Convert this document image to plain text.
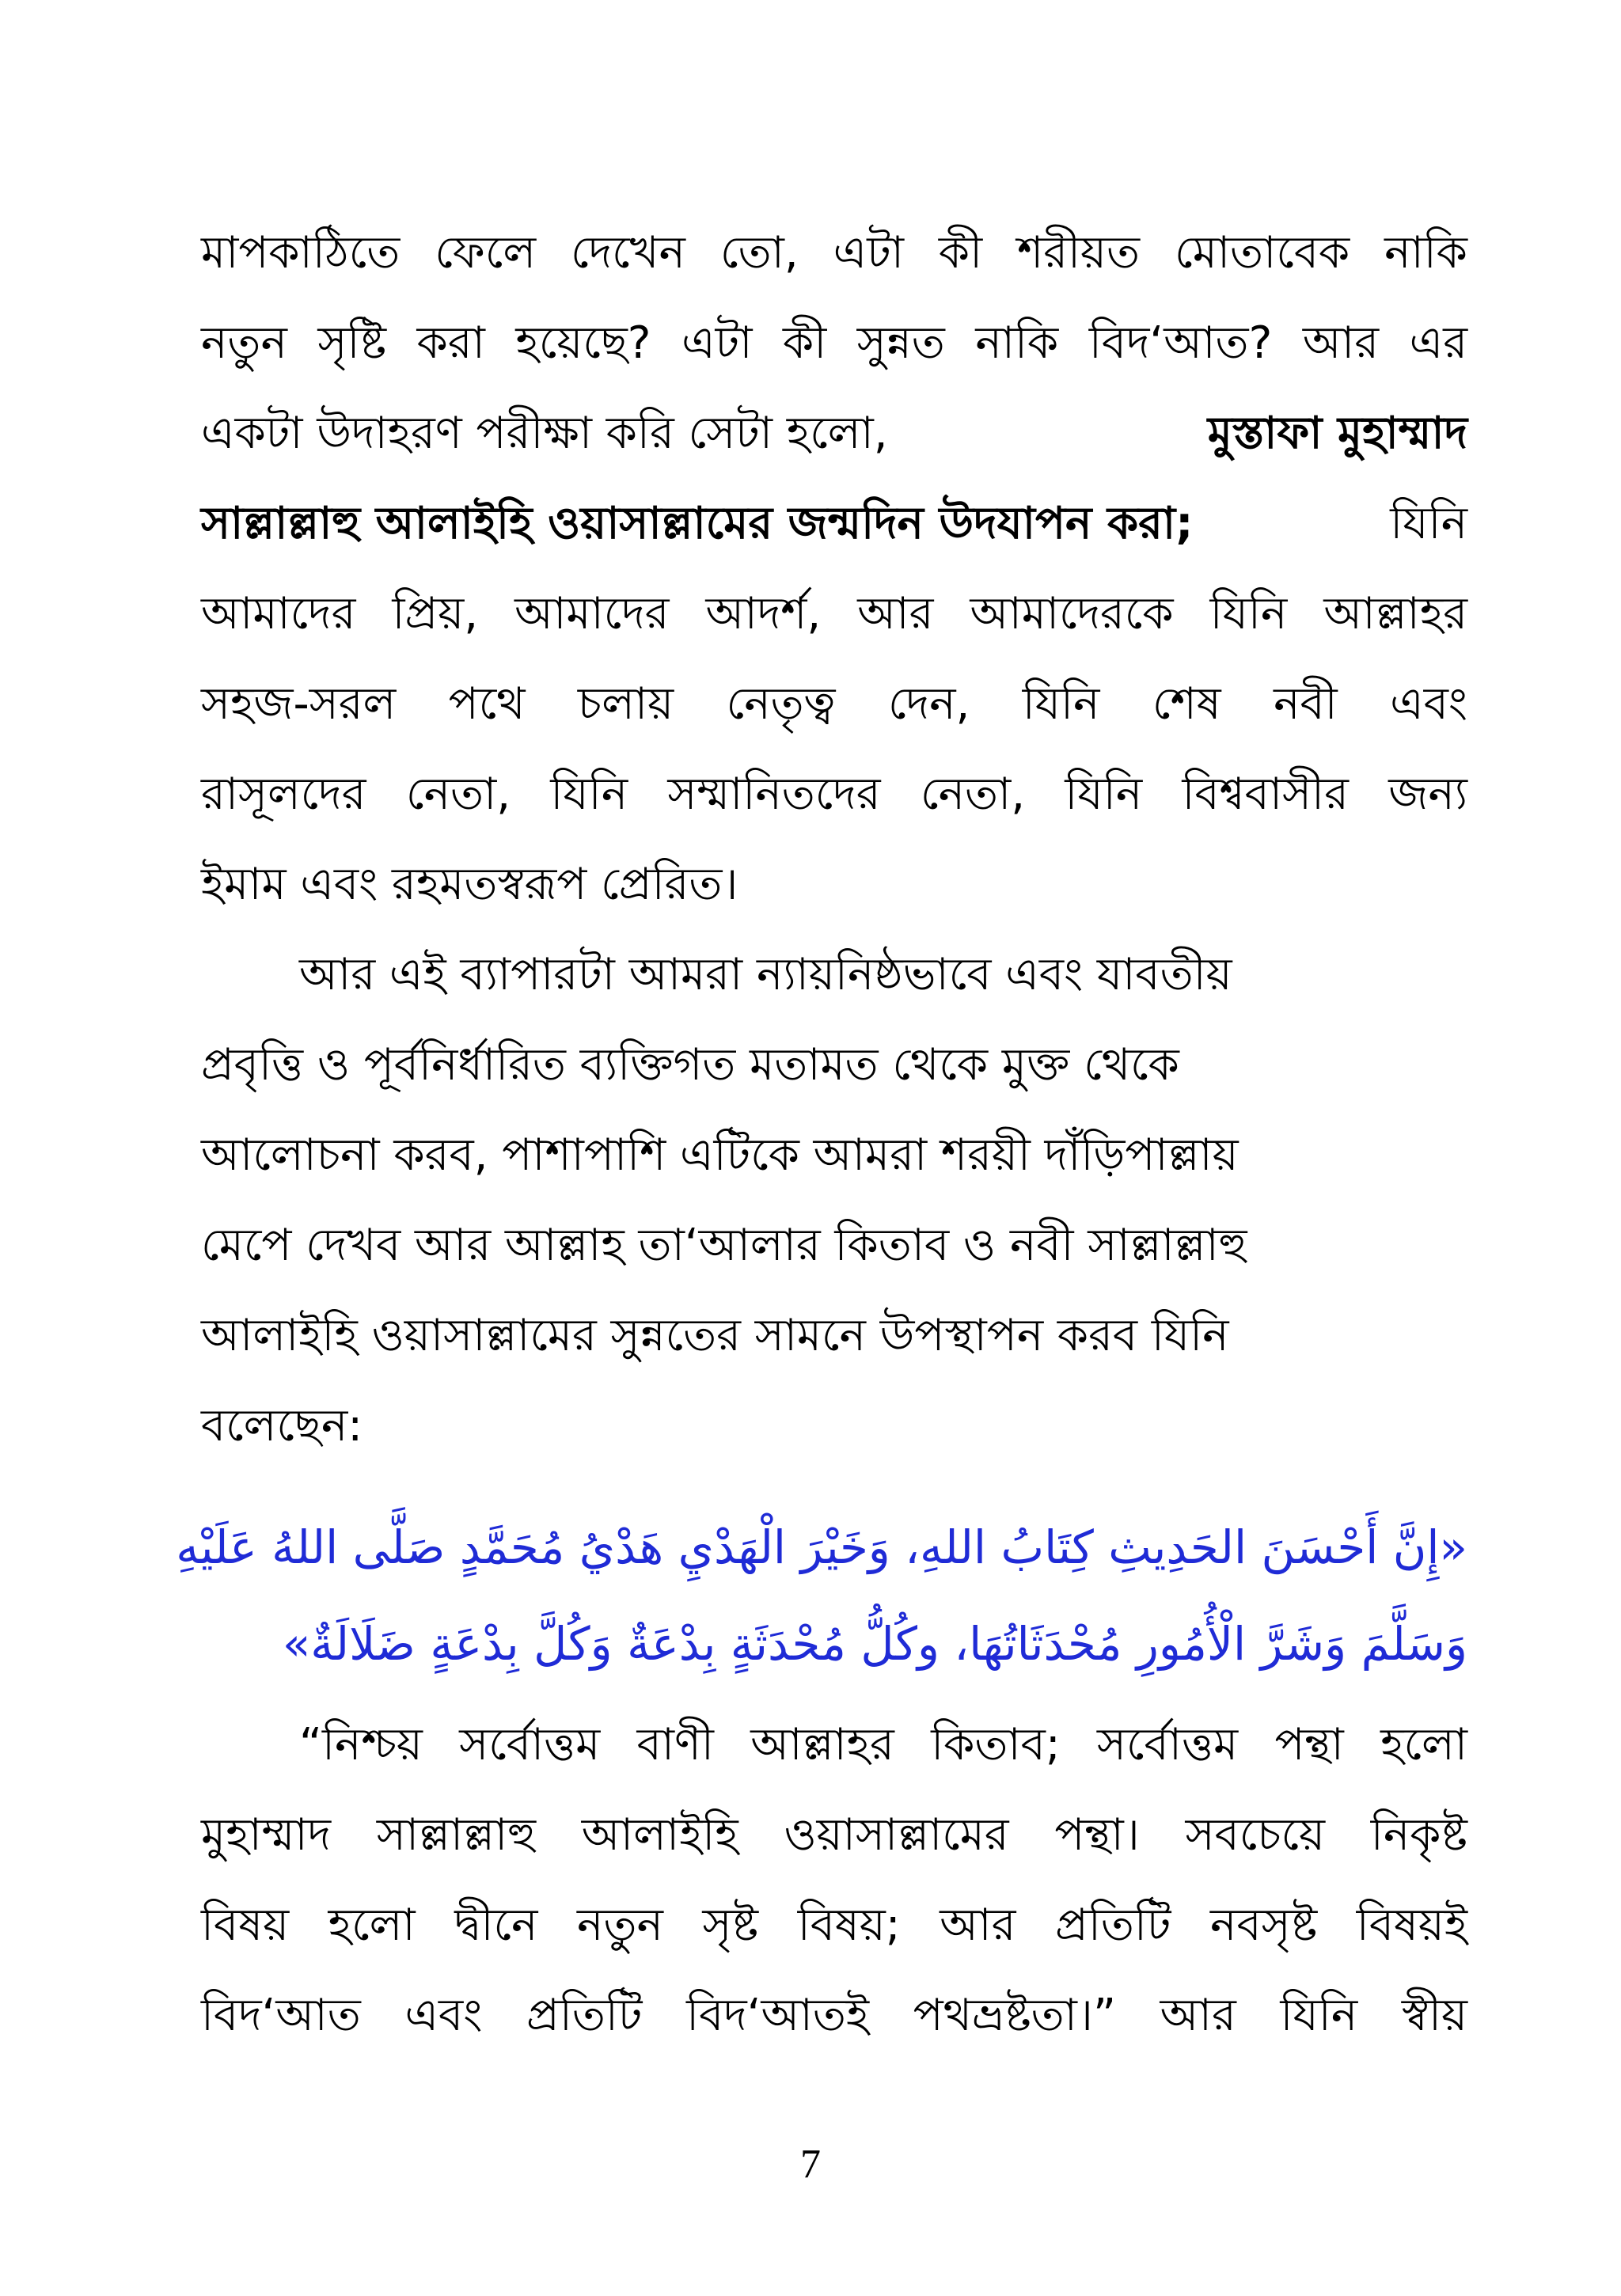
মাপকাঠিতে ফেলে দেখেন তো, এটা কী শরীয়ত মোতাবেক নাকি
নতুন সৃষ্টি করা হয়েছে? এটা কী সুন্নত নাকি বিদ‘আত? আর এর
একটা উদাহরণ পরীক্ষা করি সেটা হলো,	মুস্তাফা মুহাম্মাদ
সাল্লাল্লাহু আলাইহি ওয়াসাল্লামের জন্মদিন উদযাপন করা;	যিনি
আমাদের প্রিয়, আমাদের আদর্শ, আর আমাদেরকে যিনি আল্লাহর
সহজ-সরল পথে চলায় নেতৃত্ব দেন, যিনি শেষ নবী এবং
রাসূলদের নেতা, যিনি সম্মানিতদের নেতা, যিনি বিশ্ববাসীর জন্য
ইমাম এবং রহমতস্বরূপ প্রেরিত।
আর এই ব্যাপারটা আমরা ন্যায়নিষ্ঠভাবে এবং যাবতীয়
প্রবৃত্তি ও পূর্বনির্ধারিত ব্যক্তিগত মতামত থেকে মুক্ত থেকে
আলোচনা করব, পাশাপাশি এটিকে আমরা শরয়ী দাঁড়িপাল্লায়
মেপে দেখব আর আল্লাহ তা‘আলার কিতাব ও নবী সাল্লাল্লাহু
আলাইহি ওয়াসাল্লামের সুন্নতের সামনে উপস্থাপন করব যিনি
বলেছেন:
«إِنَّ أَحْسَنَ الحَدِيثِ كِتَابُ اللهِ، وَخَيْرَ الْهَدْيِ هَدْيُ مُحَمَّدٍ صَلَّى اللهُ عَلَيْهِ
وَسَلَّمَ وَشَرَّ الْأُمُورِ مُحْدَثَاتُهَا، وكُلُّ مُحْدَثَةٍ بِدْعَةٌ وَكُلَّ بِدْعَةٍ ضَلَالَةٌ»
“নিশ্চয় সর্বোত্তম বাণী আল্লাহর কিতাব; সর্বোত্তম পন্থা হলো
মুহাম্মাদ সাল্লাল্লাহু আলাইহি ওয়াসাল্লামের পন্থা। সবচেয়ে নিকৃষ্ট
বিষয় হলো দ্বীনে নতুন সৃষ্ট বিষয়; আর প্রতিটি নবসৃষ্ট বিষয়ই
বিদ‘আত এবং প্রতিটি বিদ‘আতই পথভ্রষ্টতা।” আর যিনি স্বীয়
7
